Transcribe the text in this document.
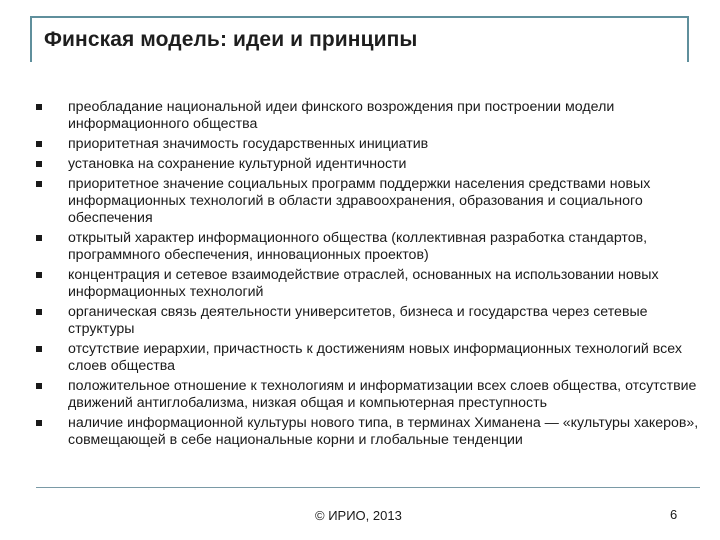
Финская модель: идеи и принципы
преобладание национальной идеи финского возрождения при построении модели информационного общества
приоритетная значимость государственных инициатив
установка на сохранение культурной идентичности
приоритетное значение социальных программ поддержки населения средствами новых информационных технологий в области здравоохранения, образования и социального обеспечения
открытый характер информационного общества (коллективная разработка стандартов, программного обеспечения, инновационных проектов)
концентрация и сетевое взаимодействие отраслей, основанных на использовании новых информационных технологий
органическая связь деятельности университетов, бизнеса и государства через сетевые структуры
отсутствие иерархии, причастность к достижениям новых информационных технологий всех слоев общества
положительное отношение к технологиям и информатизации всех слоев общества, отсутствие движений антиглобализма, низкая общая и компьютерная преступность
наличие информационной культуры нового типа, в терминах Химанена — «культуры хакеров», совмещающей в себе национальные корни и глобальные тенденции
© ИРИО, 2013	6
